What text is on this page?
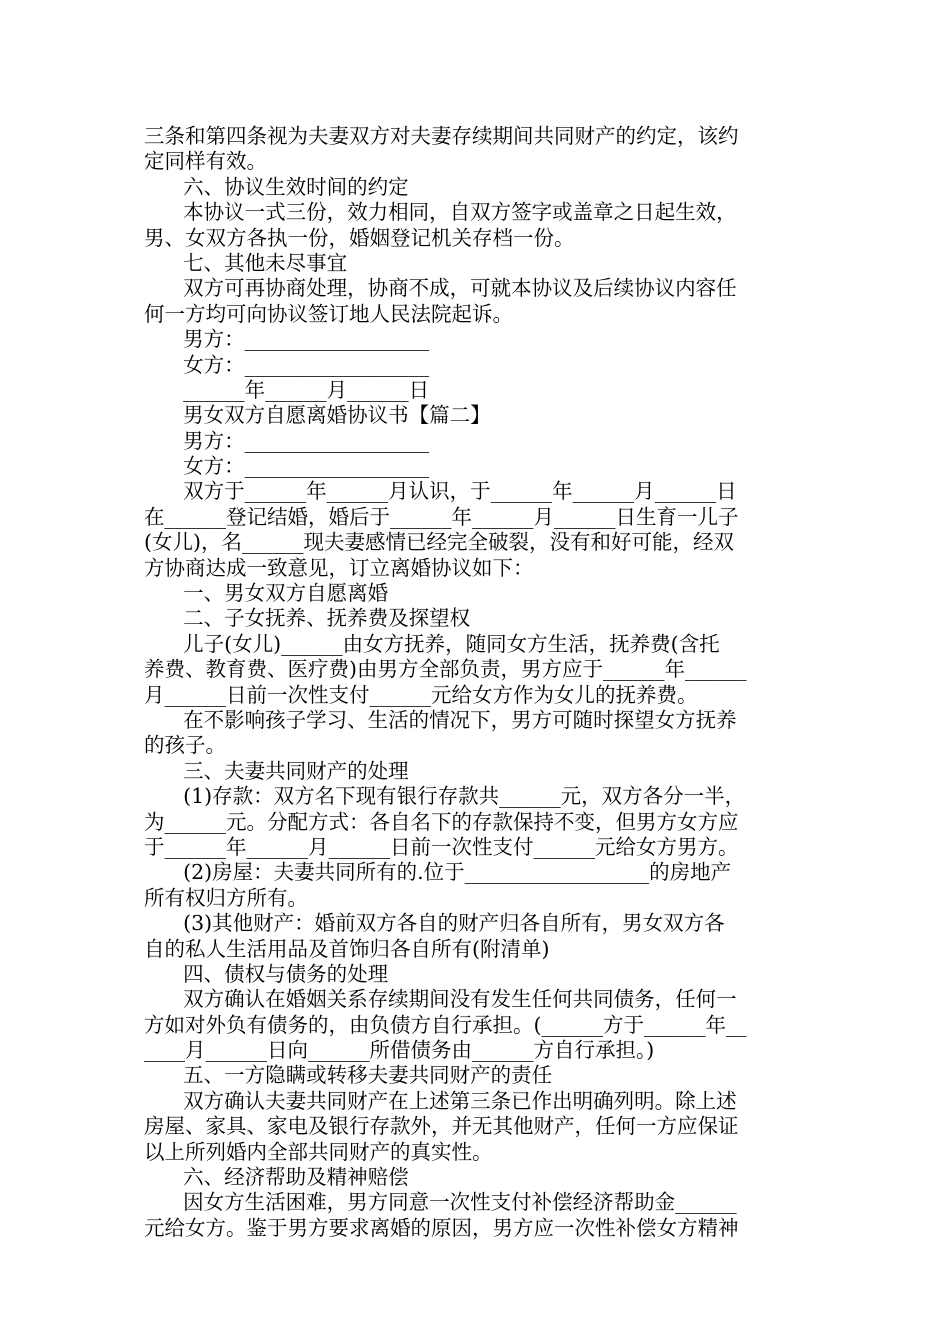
三条和第四条视为夫妻双方对夫妻存续期间共同财产的约定，该约

定同样有效。

六、协议生效时间的约定

本协议一式三份，效力相同，自双方签字或盖章之日起生效，

男、女双方各执一份，婚姻登记机关存档一份。

七、其他未尽事宜

双方可再协商处理，协商不成，可就本协议及后续协议内容任

何一方均可向协议签订地人民法院起诉。

男方：__________________

女方：__________________

______年______月______日

男女双方自愿离婚协议书【篇二】

男方：__________________

女方：__________________

双方于______年______月认识，于______年______月______日

在______登记结婚，婚后于______年______月______日生育一儿子

(女儿)，名______现夫妻感情已经完全破裂，没有和好可能，经双

方协商达成一致意见，订立离婚协议如下：

一、男女双方自愿离婚

二、子女抚养、抚养费及探望权

儿子(女儿)______由女方抚养，随同女方生活，抚养费(含托

养费、教育费、医疗费)由男方全部负责，男方应于______年______

月______日前一次性支付______元给女方作为女儿的抚养费。

在不影响孩子学习、生活的情况下，男方可随时探望女方抚养

的孩子。

三、夫妻共同财产的处理

(1)存款：双方名下现有银行存款共______元，双方各分一半，

为______元。分配方式：各自名下的存款保持不变，但男方女方应

于______年______月______日前一次性支付______元给女方男方。

(2)房屋：夫妻共同所有的.位于__________________的房地产

所有权归方所有。

(3)其他财产：婚前双方各自的财产归各自所有，男女双方各

自的私人生活用品及首饰归各自所有(附清单)

四、债权与债务的处理

双方确认在婚姻关系存续期间没有发生任何共同债务，任何一

方如对外负有债务的，由负债方自行承担。(______方于______年__

____月______日向______所借债务由______方自行承担。)

五、一方隐瞒或转移夫妻共同财产的责任

双方确认夫妻共同财产在上述第三条已作出明确列明。除上述

房屋、家具、家电及银行存款外，并无其他财产，任何一方应保证

以上所列婚内全部共同财产的真实性。

六、经济帮助及精神赔偿

因女方生活困难，男方同意一次性支付补偿经济帮助金______

元给女方。鉴于男方要求离婚的原因，男方应一次性补偿女方精神
